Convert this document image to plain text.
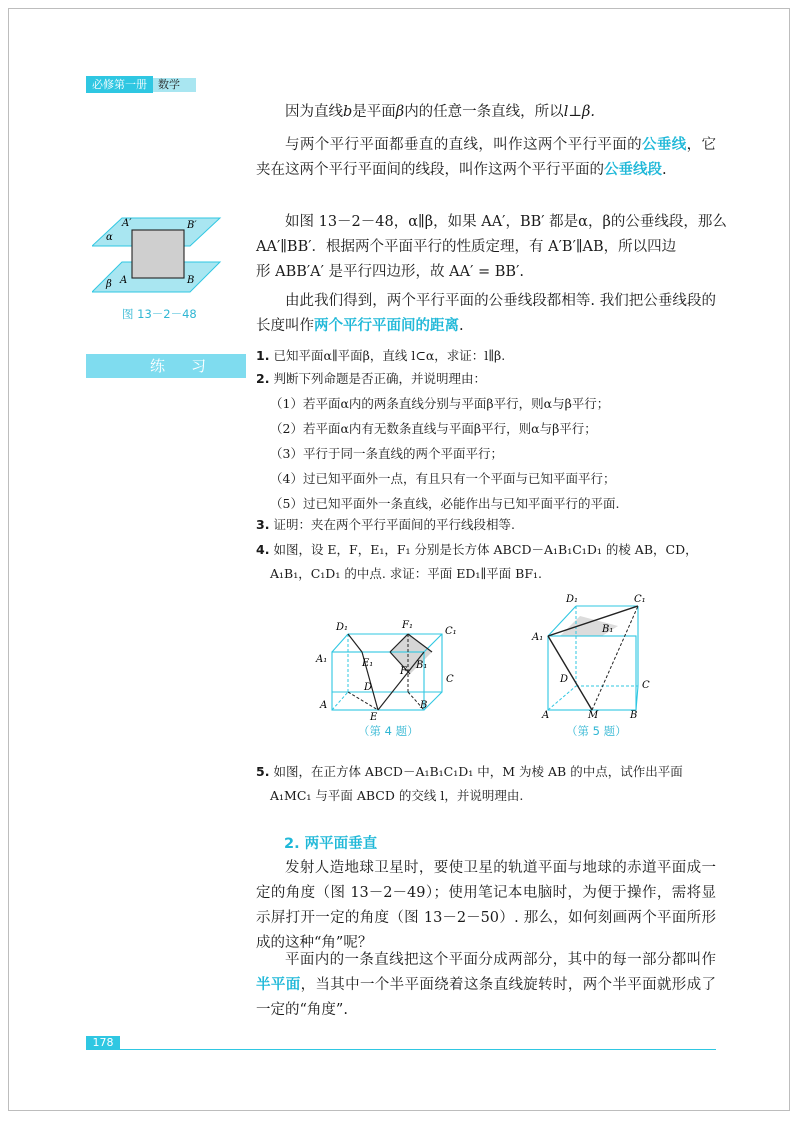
必修第一册	数学
因为直线b是平面β内的任意一条直线，所以l⊥β.
与两个平行平面都垂直的直线，叫作这两个平行平面的公垂线，它夹在这两个平行平面间的线段，叫作这两个平行平面的公垂线段.
A′	B′
α
β A	B
图 13－2－48
如图 13－2－48，α∥β，如果 AA′，BB′ 都是α，β的公垂线段，那么
AA′∥BB′．根据两个平面平行的性质定理，有 A′B′∥AB，所以四边
形 ABB′A′ 是平行四边形，故 AA′ = BB′.
由此我们得到，两个平行平面的公垂线段都相等. 我们把公垂线段的长度叫作两个平行平面间的距离.
练习
1. 已知平面α∥平面β，直线 l⊂α，求证：l∥β.
2. 判断下列命题是否正确，并说明理由：
（1）若平面α内的两条直线分别与平面β平行，则α与β平行；
（2）若平面α内有无数条直线与平面β平行，则α与β平行；
（3）平行于同一条直线的两个平面平行；
（4）过已知平面外一点，有且只有一个平面与已知平面平行；
（5）过已知平面外一条直线，必能作出与已知平面平行的平面.
3. 证明：夹在两个平行平面间的平行线段相等.
4. 如图，设 E，F，E₁，F₁ 分别是长方体 ABCD－A₁B₁C₁D₁ 的棱 AB，CD，
A₁B₁，C₁D₁ 的中点. 求证：平面 ED₁∥平面 BF₁.
D₁	F₁
C₁
A₁	E₁	B₁
F
D
C
A
E
B
（第 4 题）
D₁	C₁
A₁
B₁
D
C
A	M	B
（第 5 题）
5. 如图，在正方体 ABCD－A₁B₁C₁D₁ 中，M 为棱 AB 的中点，试作出平面
A₁MC₁ 与平面 ABCD 的交线 l，并说明理由.
2. 两平面垂直
发射人造地球卫星时，要使卫星的轨道平面与地球的赤道平面成一定的角度（图 13－2－49）；使用笔记本电脑时，为便于操作，需将显示屏打开一定的角度（图 13－2－50）. 那么，如何刻画两个平面所形成的这种“角”呢？
平面内的一条直线把这个平面分成两部分，其中的每一部分都叫作半平面，当其中一个半平面绕着这条直线旋转时，两个半平面就形成了一定的“角度”.
178
